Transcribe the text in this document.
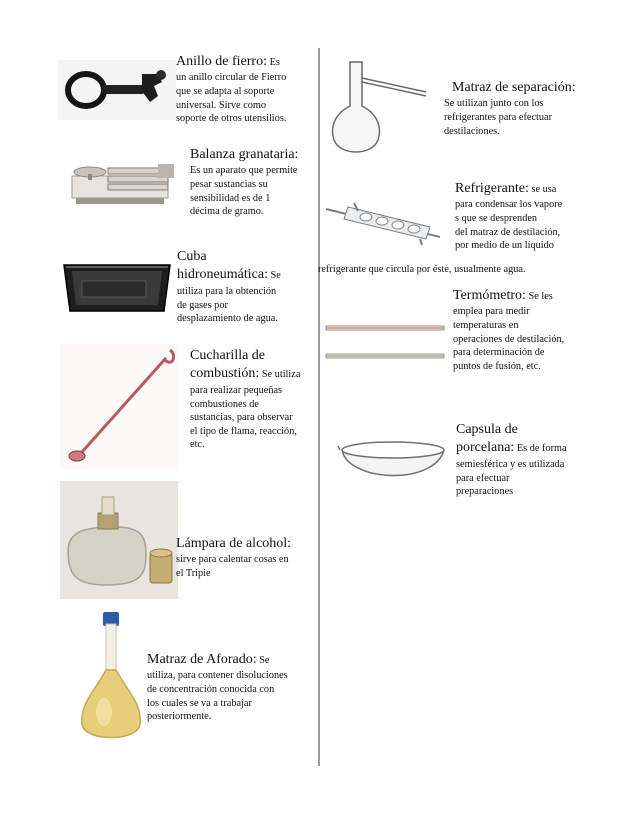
Anillo de fierro: Es
un anillo circular de Fierro
que se adapta al soporte
universal. Sirve como
soporte de otros utensilios.
Balanza granataria:
Es un aparato que permite
pesar sustancias su
sensibilidad es de 1
décima de gramo.
Cuba
hidroneumática: Se
utiliza para la obtención
de gases por
desplazamiento de agua.
Cucharilla de
combustión: Se utiliza
para realizar pequeñas
combustiones de
sustancias, para observar
el tipo de flama, reacción,
etc.
Lámpara de alcohol:
sirve para calentar cosas en
el Tripie
Matraz de Aforado: Se
utiliza, para contener disoluciones
de concentración conocida con
los cuales se va a trabajar
posteriormente.
Matraz de separación:
Se utilizan junto con los
refrigerantes para efectuar
destilaciones.
Refrigerante: se usa
para condensar los vapore
s que se desprenden
del matraz de destilación,
por medio de un líquido
refrigerante que circula por éste, usualmente agua.
Termómetro: Se les
emplea para medir
temperaturas en
operaciones de destilación,
para determinación de
puntos de fusión, etc.
Capsula de
porcelana: Es de forma
semiesférica y es utilizada
para efectuar
preparaciones
